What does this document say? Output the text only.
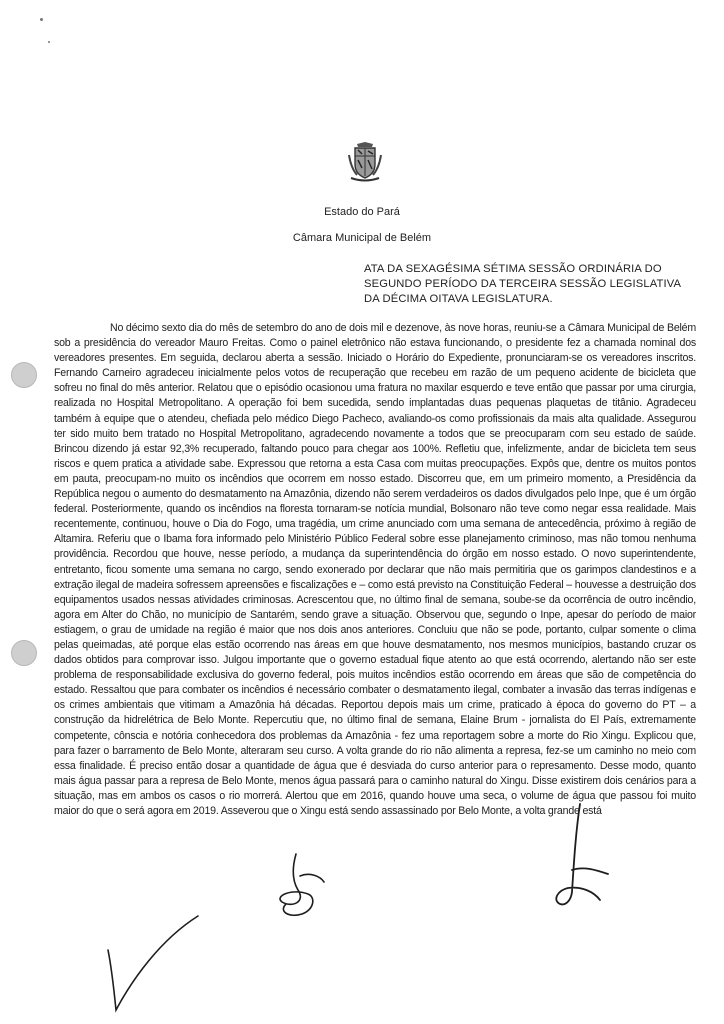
Estado do Pará
Câmara Municipal de Belém
ATA DA SEXAGÉSIMA SÉTIMA SESSÃO ORDINÁRIA DO
SEGUNDO PERÍODO DA TERCEIRA SESSÃO LEGISLATIVA
DA DÉCIMA OITAVA LEGISLATURA.

No décimo sexto dia do mês de setembro do ano de dois mil e dezenove, às nove horas, reuniu-se a Câmara Municipal de Belém sob a presidência do vereador Mauro Freitas. Como o painel eletrônico não estava funcionando, o presidente fez a chamada nominal dos vereadores presentes. Em seguida, declarou aberta a sessão. Iniciado o Horário do Expediente, pronunciaram-se os vereadores inscritos. Fernando Carneiro agradeceu inicialmente pelos votos de recuperação que recebeu em razão de um pequeno acidente de bicicleta que sofreu no final do mês anterior. Relatou que o episódio ocasionou uma fratura no maxilar esquerdo e teve então que passar por uma cirurgia, realizada no Hospital Metropolitano. A operação foi bem sucedida, sendo implantadas duas pequenas plaquetas de titânio. Agradeceu também à equipe que o atendeu, chefiada pelo médico Diego Pacheco, avaliando-os como profissionais da mais alta qualidade. Assegurou ter sido muito bem tratado no Hospital Metropolitano, agradecendo novamente a todos que se preocuparam com seu estado de saúde. Brincou dizendo já estar 92,3% recuperado, faltando pouco para chegar aos 100%. Refletiu que, infelizmente, andar de bicicleta tem seus riscos e quem pratica a atividade sabe. Expressou que retorna a esta Casa com muitas preocupações. Expôs que, dentre os muitos pontos em pauta, preocupam-no muito os incêndios que ocorrem em nosso estado. Discorreu que, em um primeiro momento, a Presidência da República negou o aumento do desmatamento na Amazônia, dizendo não serem verdadeiros os dados divulgados pelo Inpe, que é um órgão federal. Posteriormente, quando os incêndios na floresta tornaram-se notícia mundial, Bolsonaro não teve como negar essa realidade. Mais recentemente, continuou, houve o Dia do Fogo, uma tragédia, um crime anunciado com uma semana de antecedência, próximo à região de Altamira. Referiu que o Ibama fora informado pelo Ministério Público Federal sobre esse planejamento criminoso, mas não tomou nenhuma providência. Recordou que houve, nesse período, a mudança da superintendência do órgão em nosso estado. O novo superintendente, entretanto, ficou somente uma semana no cargo, sendo exonerado por declarar que não mais permitiria que os garimpos clandestinos e a extração ilegal de madeira sofressem apreensões e fiscalizações e – como está previsto na Constituição Federal – houvesse a destruição dos equipamentos usados nessas atividades criminosas. Acrescentou que, no último final de semana, soube-se da ocorrência de outro incêndio, agora em Alter do Chão, no município de Santarém, sendo grave a situação. Observou que, segundo o Inpe, apesar do período de maior estiagem, o grau de umidade na região é maior que nos dois anos anteriores. Concluiu que não se pode, portanto, culpar somente o clima pelas queimadas, até porque elas estão ocorrendo nas áreas em que houve desmatamento, nos mesmos municípios, bastando cruzar os dados obtidos para comprovar isso. Julgou importante que o governo estadual fique atento ao que está ocorrendo, alertando não ser este problema de responsabilidade exclusiva do governo federal, pois muitos incêndios estão ocorrendo em áreas que são de competência do estado. Ressaltou que para combater os incêndios é necessário combater o desmatamento ilegal, combater a invasão das terras indígenas e os crimes ambientais que vitimam a Amazônia há décadas. Reportou depois mais um crime, praticado à época do governo do PT – a construção da hidrelétrica de Belo Monte. Repercutiu que, no último final de semana, Elaine Brum - jornalista do El País, extremamente competente, cônscia e notória conhecedora dos problemas da Amazônia - fez uma reportagem sobre a morte do Rio Xingu. Explicou que, para fazer o barramento de Belo Monte, alteraram seu curso. A volta grande do rio não alimenta a represa, fez-se um caminho no meio com essa finalidade. É preciso então dosar a quantidade de água que é desviada do curso anterior para o represamento. Desse modo, quanto mais água passar para a represa de Belo Monte, menos água passará para o caminho natural do Xingu. Disse existirem dois cenários para a situação, mas em ambos os casos o rio morrerá. Alertou que em 2016, quando houve uma seca, o volume de água que passou foi muito maior do que o será agora em 2019. Asseverou que o Xingu está sendo assassinado por Belo Monte, a volta grande está
